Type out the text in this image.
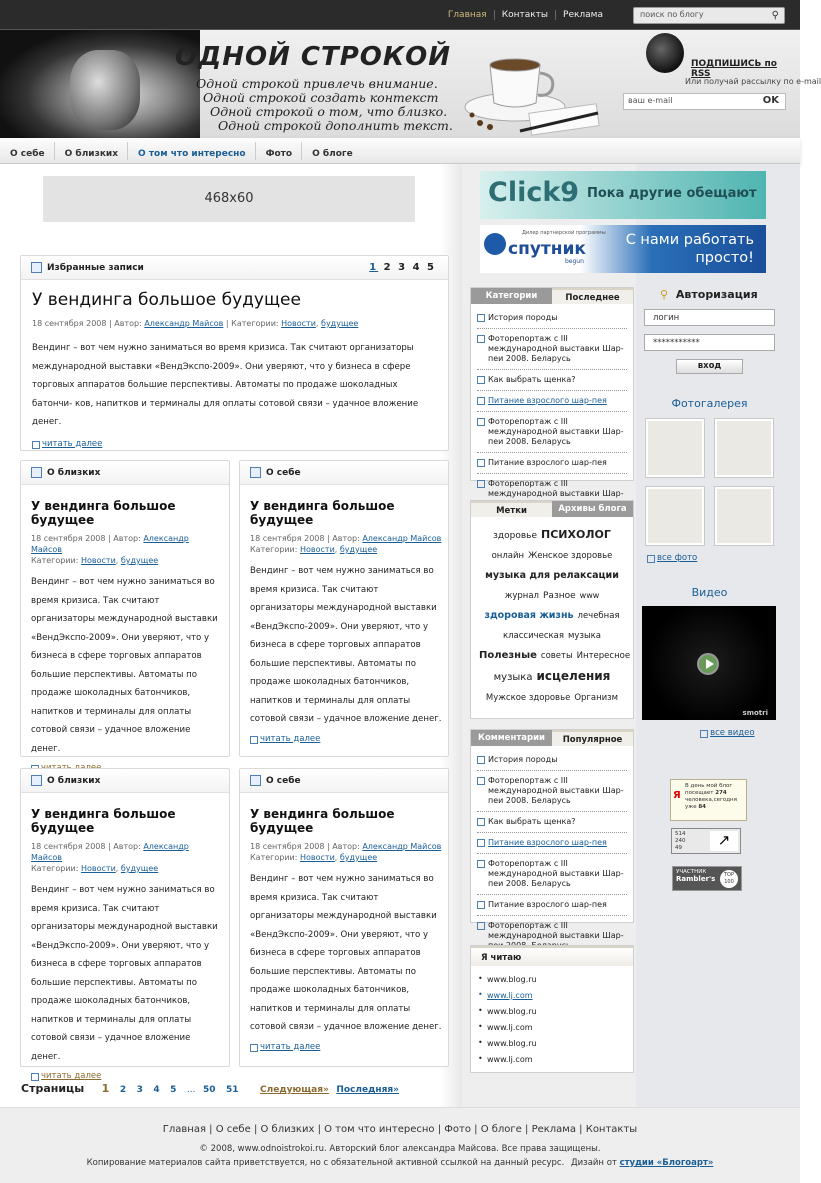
Главная Контакты Реклама	поиск по блогу	⚲
ОДНОЙ СТРОКОЙ
Одной строкой привлечь внимание.
Одной строкой создать контекст
Одной строкой о том, что близко.
Одной строкой дополнить текст.
ПОДПИШИСЬ по RSS
Или получай рассылку по e-mail
ваш e-mail	OK
О себе О близких О том что интересно Фото О блоге
468x60
Избранные записи	1 2 3 4 5
У вендинга большое будущее
18 сентября 2008 | Автор: Александр Майсов | Категории: Новости, будущее
Вендинг – вот чем нужно заниматься во время кризиса. Так считают организаторы международной выставки «ВендЭкспо-2009». Они уверяют, что у бизнеса в сфере торговых аппаратов большие перспективы. Автоматы по продаже шоколадных батончи- ков, напитков и терминалы для оплаты сотовой связи – удачное вложение денег.
читать далее
О близких
У вендинга большое будущее
18 сентября 2008 | Автор: Александр Майсов
Категории: Новости, будущее
Вендинг – вот чем нужно заниматься во время кризиса. Так считают организаторы международной выставки «ВендЭкспо-2009». Они уверяют, что у бизнеса в сфере торговых аппаратов большие перспективы. Автоматы по продаже шоколадных батончиков, напитков и терминалы для оплаты сотовой связи – удачное вложение денег.
О себе
У вендинга большое будущее
18 сентября 2008 | Автор: Александр Майсов
Категории: Новости, будущее
Вендинг – вот чем нужно заниматься во время кризиса. Так считают организаторы международной выставки «ВендЭкспо-2009». Они уверяют, что у бизнеса в сфере торговых аппаратов большие перспективы. Автоматы по продаже шоколадных батончиков, напитков и терминалы для оплаты сотовой связи – удачное вложение денег.
читать далее
О близких
У вендинга большое будущее
18 сентября 2008 | Автор: Александр Майсов
Категории: Новости, будущее
Вендинг – вот чем нужно заниматься во время кризиса. Так считают организаторы международной выставки «ВендЭкспо-2009». Они уверяют, что у бизнеса в сфере торговых аппаратов большие перспективы. Автоматы по продаже шоколадных батончиков, напитков и терминалы для оплаты сотовой связи – удачное вложение денег.
читать далее
О себе
У вендинга большое будущее
18 сентября 2008 | Автор: Александр Майсов
Категории: Новости, будущее
Вендинг – вот чем нужно заниматься во время кризиса. Так считают организаторы международной выставки «ВендЭкспо-2009». Они уверяют, что у бизнеса в сфере торговых аппаратов большие перспективы. Автоматы по продаже шоколадных батончиков, напитков и терминалы для оплаты сотовой связи – удачное вложение денег.
читать далее
Страницы 1 2 3 4 5 ... 50 51 Следующая» Последняя»
Click9 Пока другие обещают
Дилер партнерской программы
спутник
begun
С нами работать просто!
Категории	Последнее
История породы
Фоторепортаж с III международной выставки Шар-пеи 2008. Беларусь
Как выбрать щенка?
Питание взрослого шар-пея
Фоторепортаж с III международной выставки Шар-пеи 2008. Беларусь
Питание взрослого шар-пея
Фоторепортаж с III международной выставки Шар-
Метки	Архивы блога
здоровье ПСИХОЛОГ
онлайн Женское здоровье
музыка для релаксации
журнал Разное www
здоровая жизнь лечебная
классическая музыка
Полезные советы Интересное
музыка исцеления
Мужское здоровье Организм
Комментарии	Популярное
История породы
Фоторепортаж с III международной выставки Шар-пеи 2008. Беларусь
Как выбрать щенка?
Питание взрослого шар-пея
Фоторепортаж с III международной выставки Шар-пеи 2008. Беларусь
Питание взрослого шар-пея
Фоторепортаж с III международной выставки Шар-
Я читаю
• www.blog.ru
• www.lj.com
• www.blog.ru
• www.lj.com
• www.blog.ru
• www.lj.com
⚲ Авторизация
логин
***********
вход
Фотогалерея
все фото
Видео
smotri
все видео
Я
В день мой блог
посещает 274
человека,сегодня
уже 84
514
240
49	↗
УЧАСТНИК
Rambler's	TOP 100
Главная | О себе | О близких | О том что интересно | Фото | О блоге | Реклама | Контакты
© 2008, www.odnoistrokoi.ru. Авторский блог александра Майсова. Все права защищены.
Копирование материалов сайта приветствуется, но с обязательной активной ссылкой на данный ресурс. Дизайн от студии «Блогоарт»
